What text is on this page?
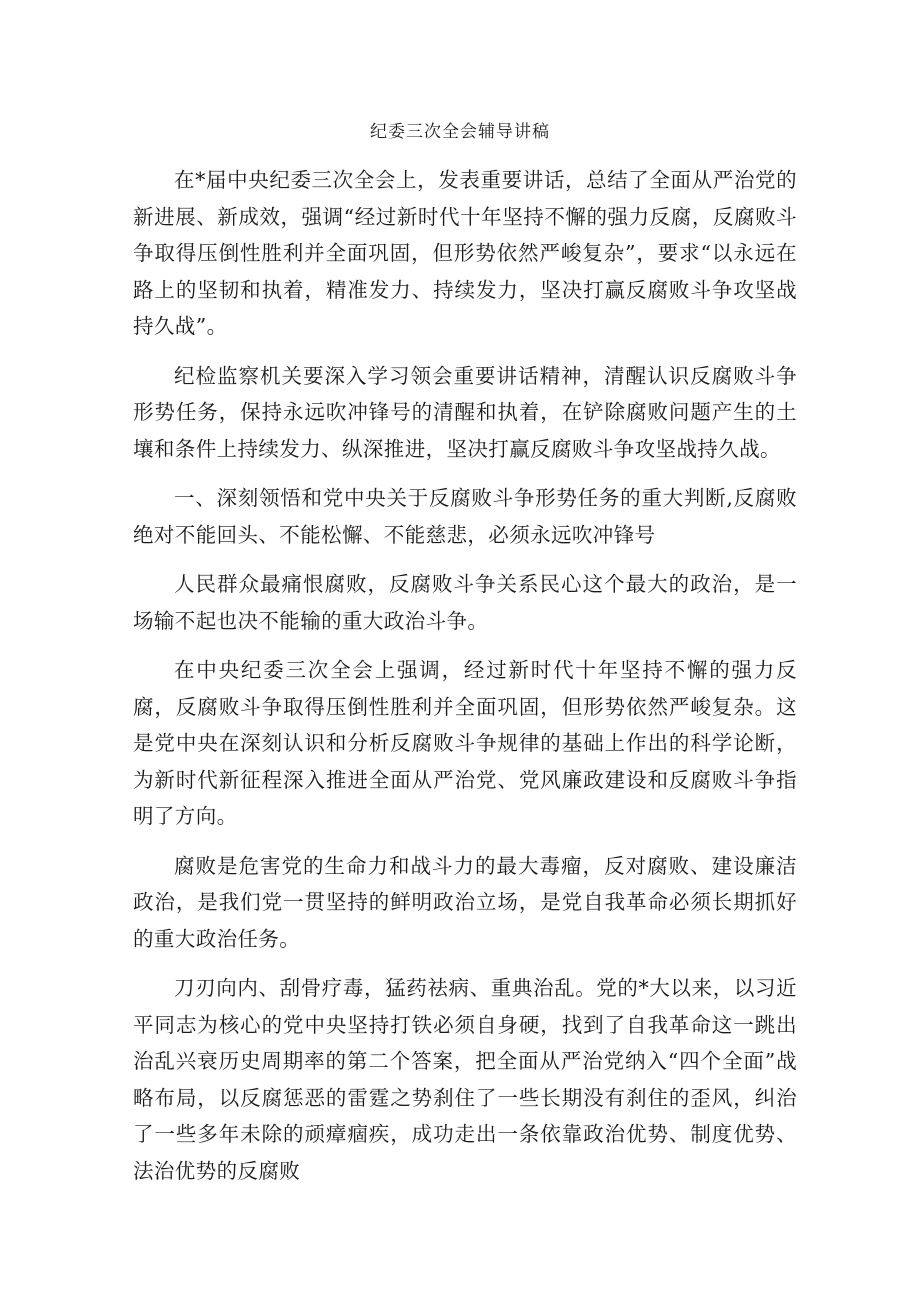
纪委三次全会辅导讲稿

在*届中央纪委三次全会上，发表重要讲话，总结了全面从严治党的新进展、新成效，强调“经过新时代十年坚持不懈的强力反腐，反腐败斗争取得压倒性胜利并全面巩固，但形势依然严峻复杂”，要求“以永远在路上的坚韧和执着，精准发力、持续发力，坚决打赢反腐败斗争攻坚战持久战”。

纪检监察机关要深入学习领会重要讲话精神，清醒认识反腐败斗争形势任务，保持永远吹冲锋号的清醒和执着，在铲除腐败问题产生的土壤和条件上持续发力、纵深推进，坚决打赢反腐败斗争攻坚战持久战。

一、深刻领悟和党中央关于反腐败斗争形势任务的重大判断,反腐败绝对不能回头、不能松懈、不能慈悲，必须永远吹冲锋号

人民群众最痛恨腐败，反腐败斗争关系民心这个最大的政治，是一场输不起也决不能输的重大政治斗争。

在中央纪委三次全会上强调，经过新时代十年坚持不懈的强力反腐，反腐败斗争取得压倒性胜利并全面巩固，但形势依然严峻复杂。这是党中央在深刻认识和分析反腐败斗争规律的基础上作出的科学论断，为新时代新征程深入推进全面从严治党、党风廉政建设和反腐败斗争指明了方向。

腐败是危害党的生命力和战斗力的最大毒瘤，反对腐败、建设廉洁政治，是我们党一贯坚持的鲜明政治立场，是党自我革命必须长期抓好的重大政治任务。

刀刃向内、刮骨疗毒，猛药祛病、重典治乱。党的*大以来，以习近平同志为核心的党中央坚持打铁必须自身硬，找到了自我革命这一跳出治乱兴衰历史周期率的第二个答案，把全面从严治党纳入“四个全面”战略布局，以反腐惩恶的雷霆之势刹住了一些长期没有刹住的歪风，纠治了一些多年未除的顽瘴痼疾，成功走出一条依靠政治优势、制度优势、法治优势的反腐败
